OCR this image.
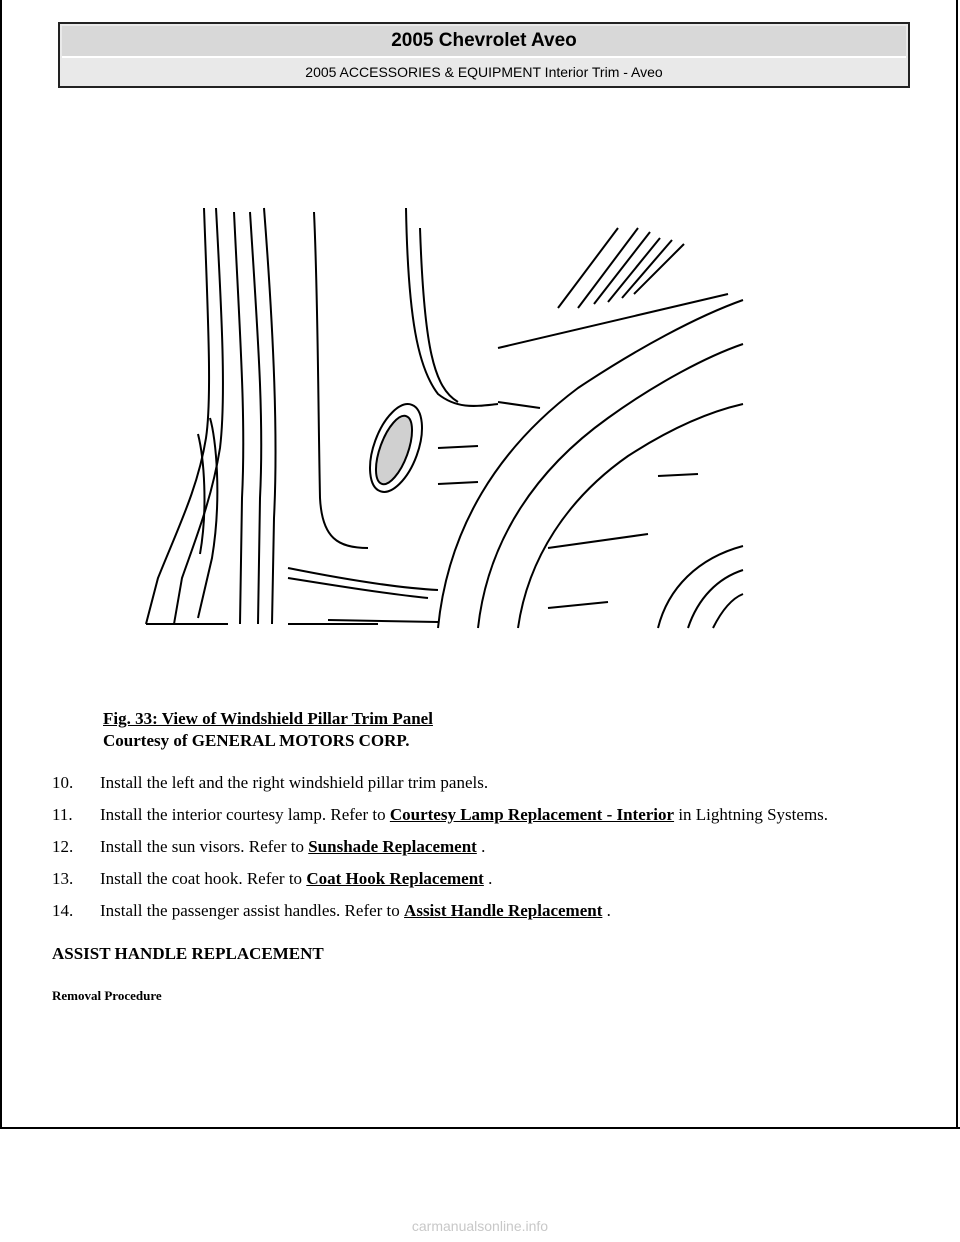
2005 Chevrolet Aveo
2005 ACCESSORIES & EQUIPMENT Interior Trim - Aveo
Fig. 33: View of Windshield Pillar Trim Panel
Courtesy of GENERAL MOTORS CORP.
10. Install the left and the right windshield pillar trim panels.
11. Install the interior courtesy lamp. Refer to Courtesy Lamp Replacement - Interior in Lightning Systems.
12. Install the sun visors. Refer to Sunshade Replacement .
13. Install the coat hook. Refer to Coat Hook Replacement .
14. Install the passenger assist handles. Refer to Assist Handle Replacement .
ASSIST HANDLE REPLACEMENT
Removal Procedure
carmanualsonline.info
